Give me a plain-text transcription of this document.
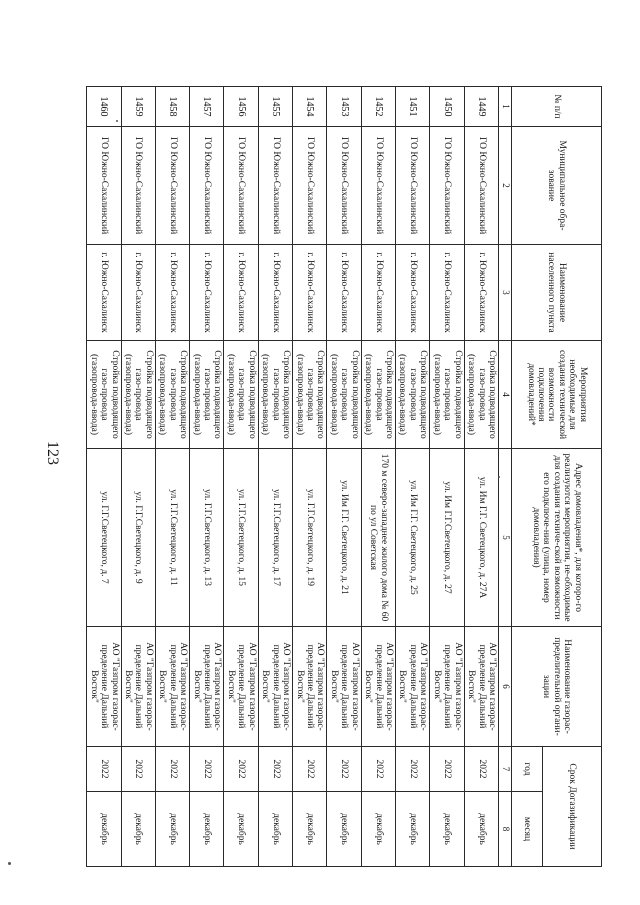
123
№ п/п	Муниципальное обра-зование	Наименование населенного пункта	Мероприятия необходимые для создания технической возможности подключения домовладений*	Адрес домовладения*, для которо-го реализуются мероприятия, не-обходимые для создания техниче-ской возможности его подключе-ния (улица, номер домовладения)	Наименование газорас-пределительной органи-зации	Срок Догазификации	
						год	месяц
1	2	3	4	5	6	7	8
1449	ГО Южно-Сахалинский	г. Южно-Сахалинск	Стройка подводящего газо-провода (газопровода-ввода)	ул. Им Г.Г. Светецкого, д. 27А	АО "Газпром газорас-пределение Дальний Восток"	2022	декабрь
1450	ГО Южно-Сахалинский	г. Южно-Сахалинск	Стройка подводящего газо-провода (газопровода-ввода)	ул. Им Г.Г.Светецкого, д. 27	АО "Газпром газорас-пределение Дальний Восток"	2022	декабрь
1451	ГО Южно-Сахалинский	г. Южно-Сахалинск	Стройка подводящего газо-провода (газопровода-ввода)	ул. Им Г.Г. Светецкого, д. 25	АО "Газпром газорас-пределение Дальний Восток"	2022	декабрь
1452	ГО Южно-Сахалинский	г. Южно-Сахалинск	Стройка подводящего газо-провода (газопровода-ввода)	170 м северо-западнее жилого дома № 60 по ул Советская	АО "Газпром газорас-пределение Дальний Восток"	2022	декабрь
1453	ГО Южно-Сахалинский	г. Южно-Сахалинск	Стройка подводящего газо-провода (газопровода-ввода)	ул. Им Г.Г. Светецкого, д. 21	АО "Газпром газорас-пределение Дальний Восток"	2022	декабрь
1454	ГО Южно-Сахалинский	г. Южно-Сахалинск	Стройка подводящего газо-провода (газопровода-ввода)	ул. Г.Г.Светецкого, д. 19	АО "Газпром газорас-пределение Дальний Восток"	2022	декабрь
1455	ГО Южно-Сахалинский	г. Южно-Сахалинск	Стройка подводящего газо-провода (газопровода-ввода)	ул. Г.Г.Светецкого, д. 17	АО "Газпром газорас-пределение Дальний Восток"	2022	декабрь
1456	ГО Южно-Сахалинский	г. Южно-Сахалинск	Стройка подводящего газо-провода (газопровода-ввода)	ул. Г.Г.Светецкого, д. 15	АО "Газпром газорас-пределение Дальний Восток"	2022	декабрь
1457	ГО Южно-Сахалинский	г. Южно-Сахалинск	Стройка подводящего газо-провода (газопровода-ввода)	ул. Г.Г.Светецкого, д. 13	АО "Газпром газорас-пределение Дальний Восток"	2022	декабрь
1458	ГО Южно-Сахалинский	г. Южно-Сахалинск	Стройка подводящего газо-провода (газопровода-ввода)	ул. Г.Г.Светецкого, д. 11	АО "Газпром газорас-пределение Дальний Восток"	2022	декабрь
1459	ГО Южно-Сахалинский	г. Южно-Сахалинск	Стройка подводящего газо-провода (газопровода-ввода)	ул. Г.Г.Светецкого, д. 9	АО "Газпром газорас-пределение Дальний Восток"	2022	декабрь
1460	ГО Южно-Сахалинский	г. Южно-Сахалинск	Стройка подводящего газо-провода (газопровода-ввода)	ул. Г.Г.Светецкого, д. 7	АО "Газпром газорас-пределение Дальний Восток"	2022	декабрь
